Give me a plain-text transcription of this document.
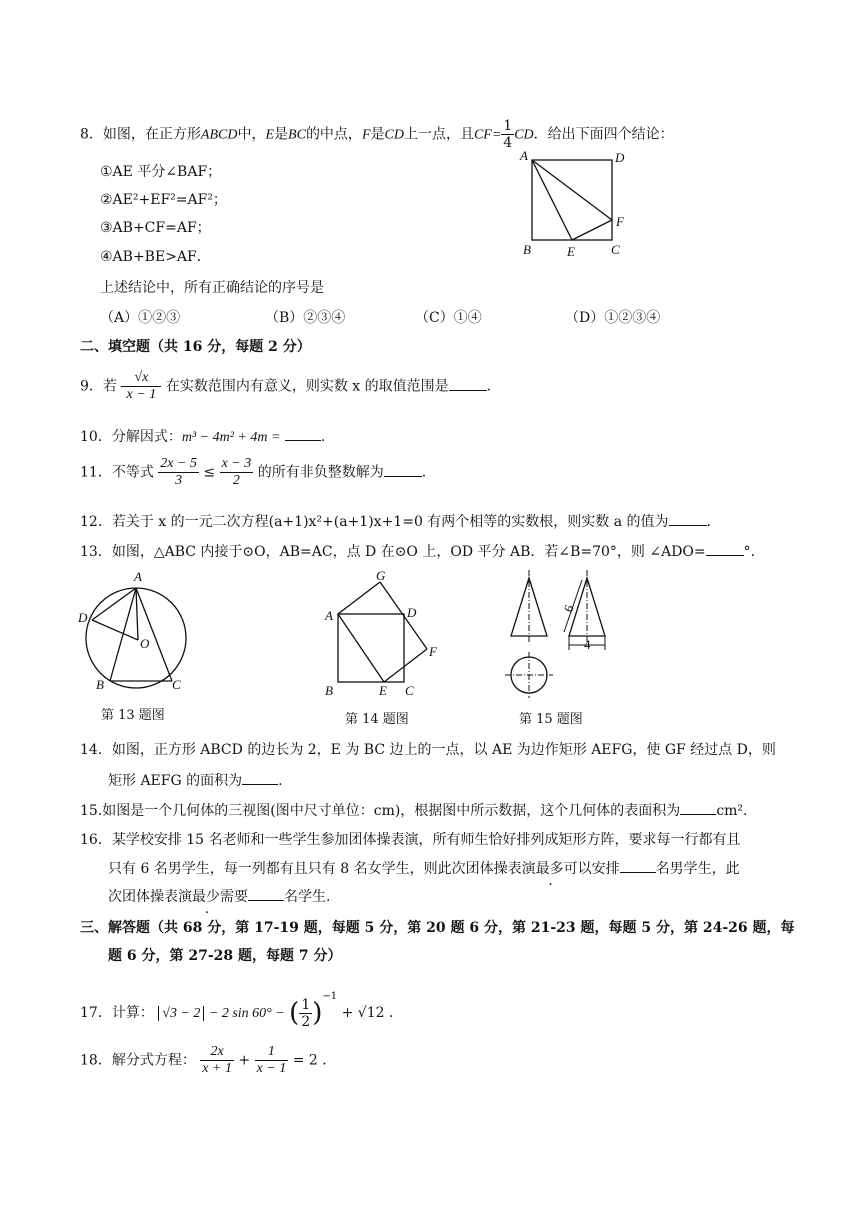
8．如图，在正方形ABCD中，E是BC的中点，F是CD上一点，且$CF= \frac{1}{4}$ CD．给出下面四个结论：
①AE 平分∠BAF；
②AE²+EF²=AF²；
③AB+CF=AF；
④AB+BE>AF．
上述结论中，所有正确结论的序号是
（A）①②③	（B）②③④	（C）①④	（D）①②③④
A	D
F
B	E	C
二、填空题（共 16 分，每题 2 分）
9．若 $\frac{√x}{x - 1}$ 在实数范围内有意义，则实数 x 的取值范围是	.
10．分解因式：m³ − 4m² + 4m =	.
11．不等式 $\frac{2x - 5}{3} \le \frac{x - 3}{2}$ 的所有非负整数解为	.
12．若关于 x 的一元二次方程(a+1)x²+(a+1)x+1=0 有两个相等的实数根，则实数 a 的值为	.
13．如图，△ABC 内接于⊙O，AB=AC，点 D 在⊙O 上，OD 平分 AB．若∠B=70°，则 ∠ADO=	°．
A
D
O
B	C
第 13 题图
G
A	D
F
B	E C
第 14 题图
6
4
第 15 题图
14．如图，正方形 ABCD 的边长为 2，E 为 BC 边上的一点，以 AE 为边作矩形 AEFG，使 GF 经过点 D，则
矩形 AEFG 的面积为	.
15.如图是一个几何体的三视图(图中尺寸单位：cm)，根据图中所示数据，这个几何体的表面积为	cm².
16．某学校安排 15 名老师和一些学生参加团体操表演，所有师生恰好排列成矩形方阵，要求每一行都有且
只有 6 名男学生，每一列都有且只有 8 名女学生，则此次团体操表演最多可以安排	名男学生，此
次团体操表演最少需要	名学生.
三、解答题（共 68 分，第 17-19 题，每题 5 分，第 20 题 6 分，第 21-23 题，每题 5 分，第 24-26 题，每
题 6 分，第 27-28 题，每题 7 分）
17．计算： √3 − 2 − 2 sin 60° − ( $\frac{1}{2} )^{-1} + √12$ ．
18．解分式方程： $\frac{2x}{x + 1} + \frac{1}{x - 1} = 2$ ．
